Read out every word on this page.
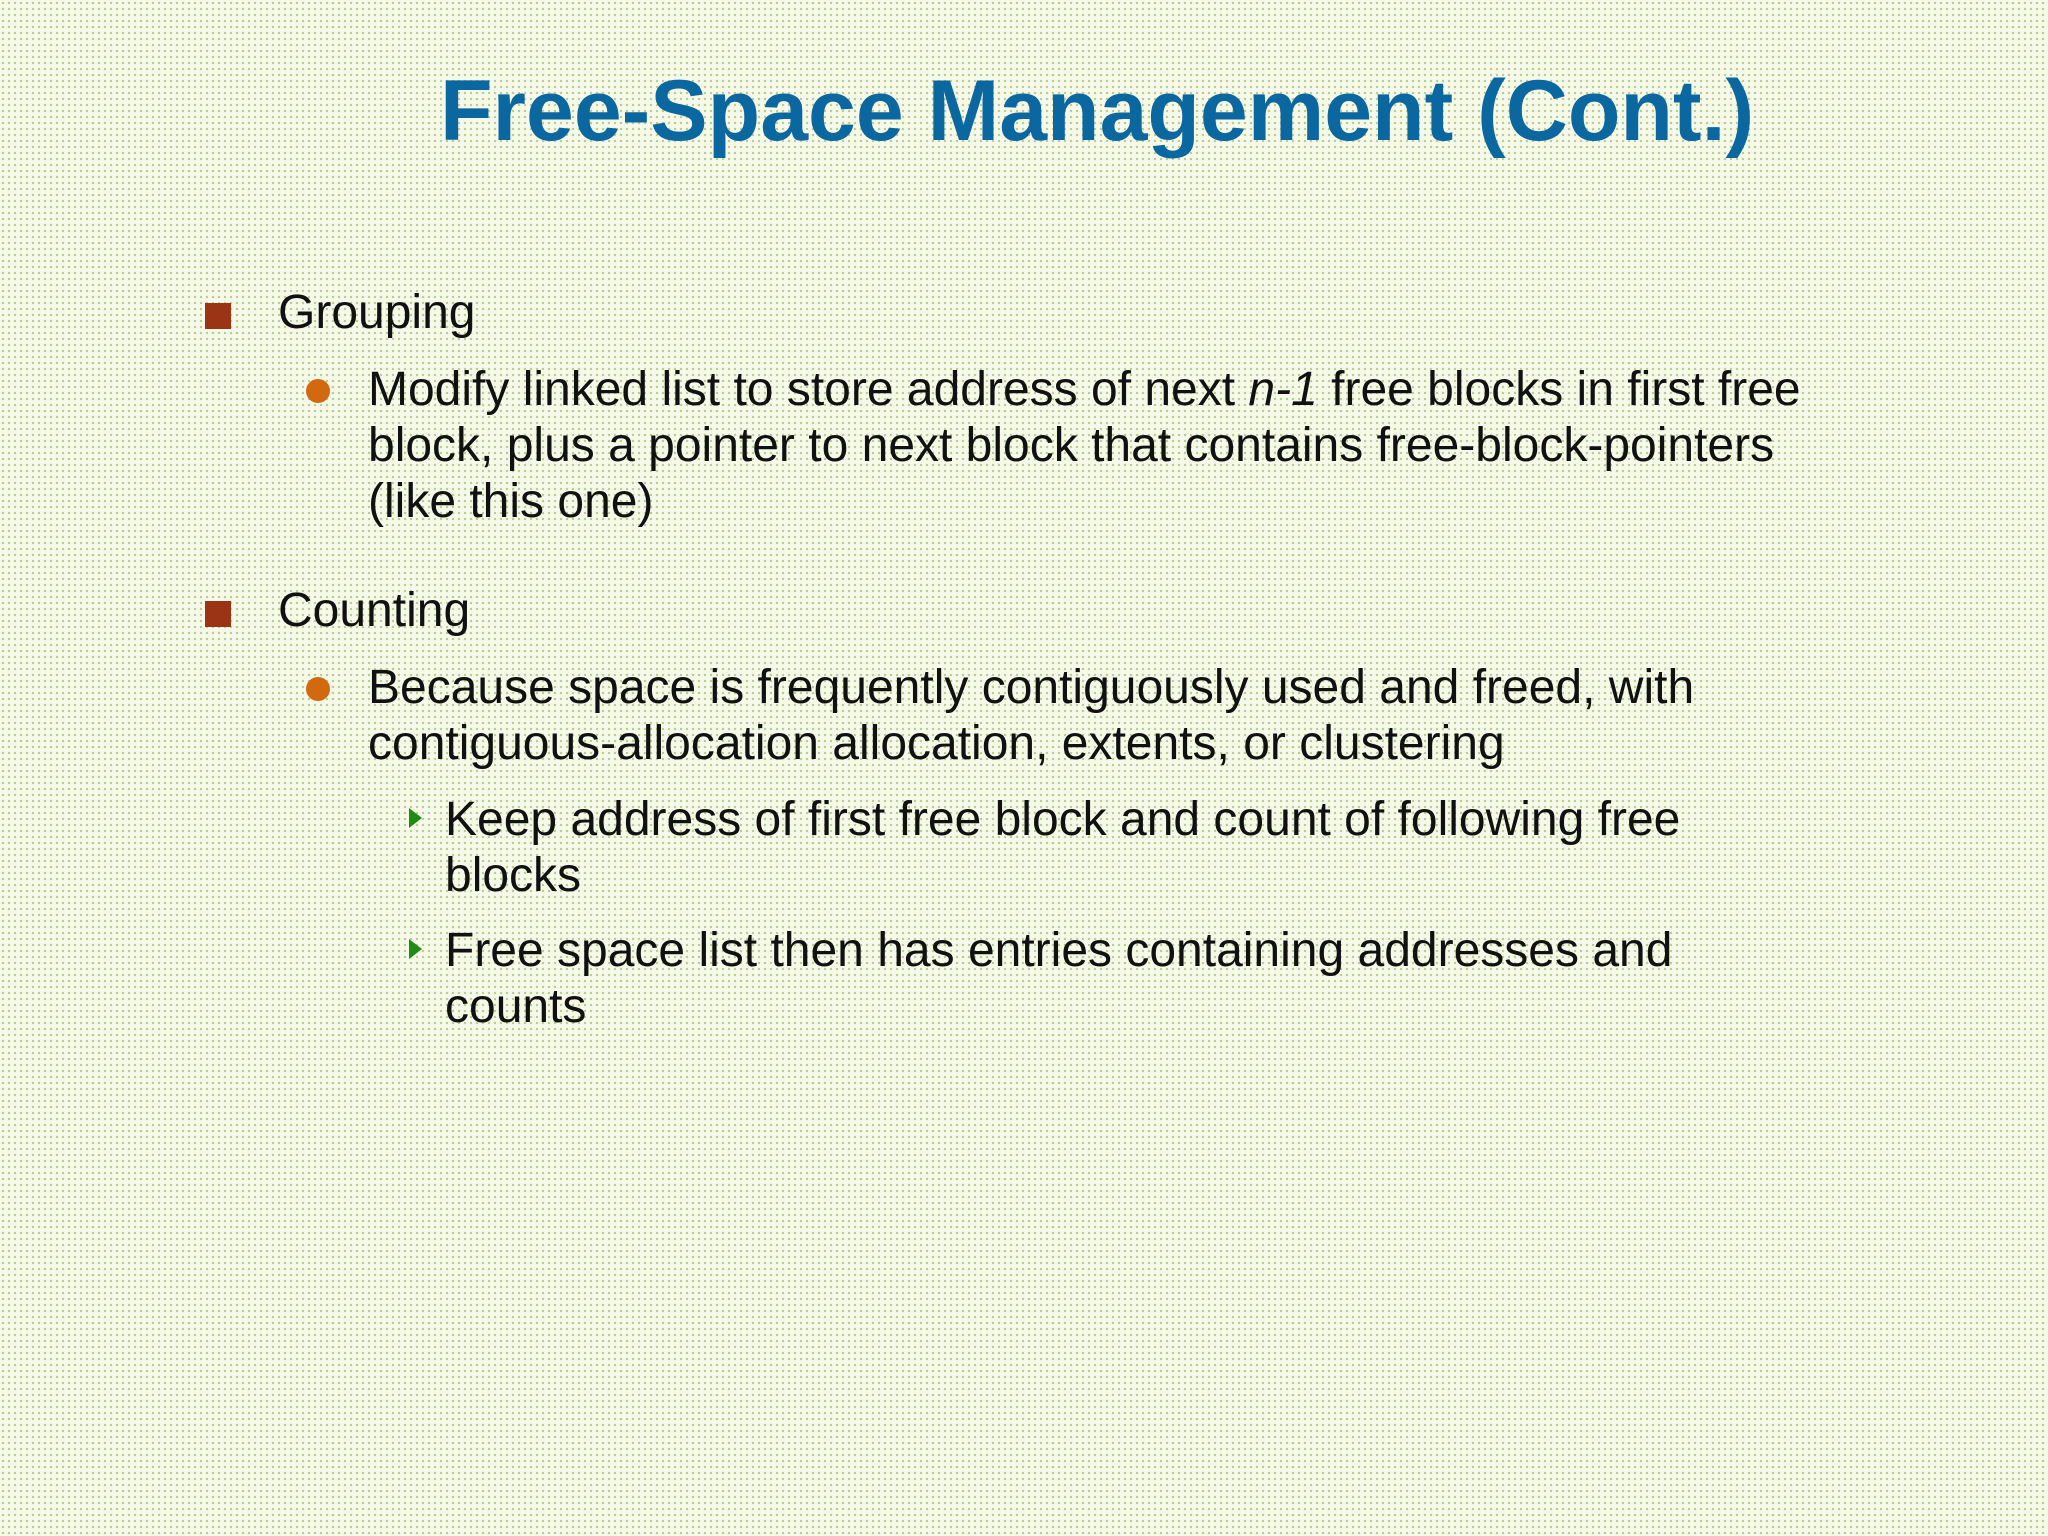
Free-Space Management (Cont.)
Grouping
Modify linked list to store address of next n-1 free blocks in first free block, plus a pointer to next block that contains free-block-pointers (like this one)
Counting
Because space is frequently contiguously used and freed, with contiguous-allocation allocation, extents, or clustering
Keep address of first free block and count of following free blocks
Free space list then has entries containing addresses and counts
